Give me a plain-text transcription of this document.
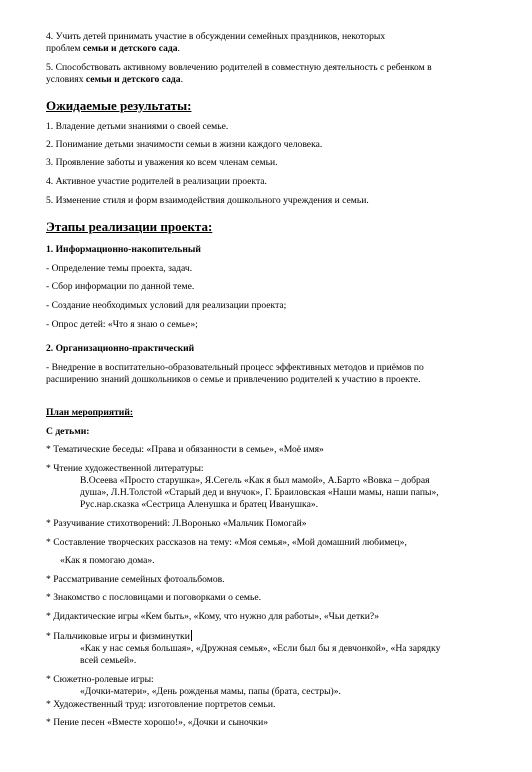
4. Учить детей принимать участие в обсуждении семейных праздников, некоторых
проблем семьи и детского сада.
5. Способствовать активному вовлечению родителей в совместную деятельность с ребенком в
условиях семьи и детского сада.
Ожидаемые результаты:
1. Владение детьми знаниями о своей семье.
2. Понимание детьми значимости семьи в жизни каждого человека.
3. Проявление заботы и уважения ко всем членам семьи.
4. Активное участие родителей в реализации проекта.
5. Изменение стиля и форм взаимодействия дошкольного учреждения и семьи.
Этапы реализации проекта:
1. Информационно-накопительный
- Определение темы проекта, задач.
- Сбор информации по данной теме.
- Создание необходимых условий для реализации проекта;
- Опрос детей: «Что я знаю о семье»;
2. Организационно-практический
- Внедрение в воспитательно-образовательный процесс эффективных методов и приёмов по
расширению знаний дошкольников о семье и привлечению родителей к участию в проекте.
План мероприятий:
С детьми:
* Тематические беседы: «Права и обязанности в семье», «Моё имя»
* Чтение художественной литературы:
В.Осеева «Просто старушка», Я.Сегель «Как я был мамой», А.Барто «Вовка – добрая
душа», Л.Н.Толстой «Старый дед и внучок», Г. Браиловская «Наши мамы, наши папы»,
Рус.нар.сказка «Сестрица Аленушка и братец Иванушка».
* Разучивание стихотворений: Л.Воронько «Мальчик Помогай»
* Составление творческих рассказов на тему: «Моя семья», «Мой домашний любимец»,
«Как я помогаю дома».
* Рассматривание семейных фотоальбомов.
* Знакомство с пословицами и поговорками о семье.
* Дидактические игры «Кем быть», «Кому, что нужно для работы», «Чьи детки?»
* Пальчиковые игры и физминутки
«Как у нас семья большая», «Дружная семья», «Если был бы я девчонкой», «На зарядку
всей семьей».
* Сюжетно-ролевые игры:
«Дочки-матери», «День рожденья мамы, папы (брата, сестры)».
* Художественный труд: изготовление портретов семьи.
* Пение песен «Вместе хорошо!», «Дочки и сыночки»
